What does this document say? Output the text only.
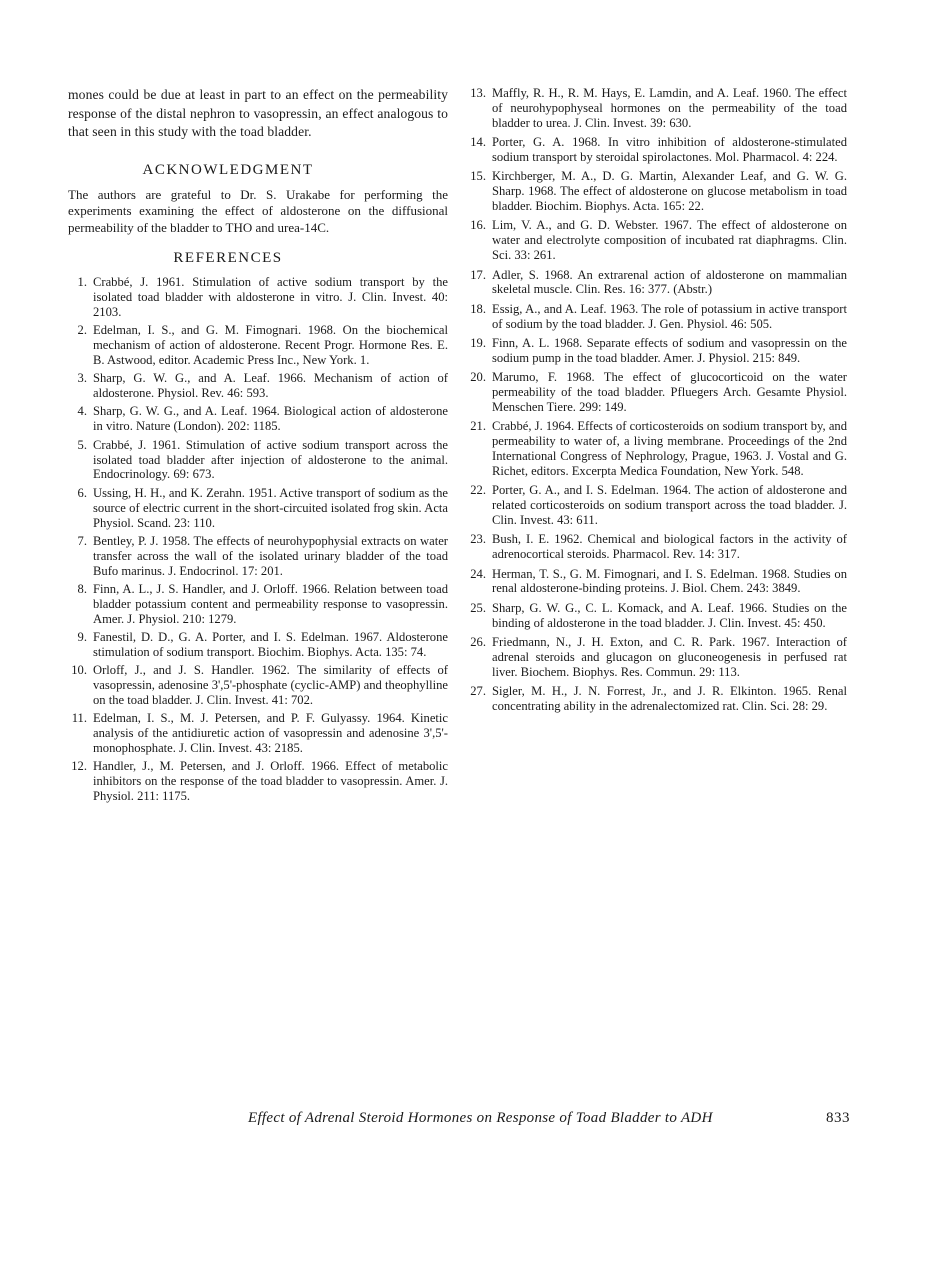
mones could be due at least in part to an effect on the permeability response of the distal nephron to vasopressin, an effect analogous to that seen in this study with the toad bladder.

ACKNOWLEDGMENT

The authors are grateful to Dr. S. Urakabe for performing the experiments examining the effect of aldosterone on the diffusional permeability of the bladder to THO and urea-14C.

REFERENCES
1. Crabbé, J. 1961. Stimulation of active sodium transport by the isolated toad bladder with aldosterone in vitro. J. Clin. Invest. 40: 2103.
2. Edelman, I. S., and G. M. Fimognari. 1968. On the biochemical mechanism of action of aldosterone. Recent Progr. Hormone Res. E. B. Astwood, editor. Academic Press Inc., New York. 1.
3. Sharp, G. W. G., and A. Leaf. 1966. Mechanism of action of aldosterone. Physiol. Rev. 46: 593.
4. Sharp, G. W. G., and A. Leaf. 1964. Biological action of aldosterone in vitro. Nature (London). 202: 1185.
5. Crabbé, J. 1961. Stimulation of active sodium transport across the isolated toad bladder after injection of aldosterone to the animal. Endocrinology. 69: 673.
6. Ussing, H. H., and K. Zerahn. 1951. Active transport of sodium as the source of electric current in the short-circuited isolated frog skin. Acta Physiol. Scand. 23: 110.
7. Bentley, P. J. 1958. The effects of neurohypophysial extracts on water transfer across the wall of the isolated urinary bladder of the toad Bufo marinus. J. Endocrinol. 17: 201.
8. Finn, A. L., J. S. Handler, and J. Orloff. 1966. Relation between toad bladder potassium content and permeability response to vasopressin. Amer. J. Physiol. 210: 1279.
9. Fanestil, D. D., G. A. Porter, and I. S. Edelman. 1967. Aldosterone stimulation of sodium transport. Biochim. Biophys. Acta. 135: 74.
10. Orloff, J., and J. S. Handler. 1962. The similarity of effects of vasopressin, adenosine 3',5'-phosphate (cyclic-AMP) and theophylline on the toad bladder. J. Clin. Invest. 41: 702.
11. Edelman, I. S., M. J. Petersen, and P. F. Gulyassy. 1964. Kinetic analysis of the antidiuretic action of vasopressin and adenosine 3',5'-monophosphate. J. Clin. Invest. 43: 2185.
12. Handler, J., M. Petersen, and J. Orloff. 1966. Effect of metabolic inhibitors on the response of the toad bladder to vasopressin. Amer. J. Physiol. 211: 1175.
13. Maffly, R. H., R. M. Hays, E. Lamdin, and A. Leaf. 1960. The effect of neurohypophyseal hormones on the permeability of the toad bladder to urea. J. Clin. Invest. 39: 630.
14. Porter, G. A. 1968. In vitro inhibition of aldosterone-stimulated sodium transport by steroidal spirolactones. Mol. Pharmacol. 4: 224.
15. Kirchberger, M. A., D. G. Martin, Alexander Leaf, and G. W. G. Sharp. 1968. The effect of aldosterone on glucose metabolism in toad bladder. Biochim. Biophys. Acta. 165: 22.
16. Lim, V. A., and G. D. Webster. 1967. The effect of aldosterone on water and electrolyte composition of incubated rat diaphragms. Clin. Sci. 33: 261.
17. Adler, S. 1968. An extrarenal action of aldosterone on mammalian skeletal muscle. Clin. Res. 16: 377. (Abstr.)
18. Essig, A., and A. Leaf. 1963. The role of potassium in active transport of sodium by the toad bladder. J. Gen. Physiol. 46: 505.
19. Finn, A. L. 1968. Separate effects of sodium and vasopressin on the sodium pump in the toad bladder. Amer. J. Physiol. 215: 849.
20. Marumo, F. 1968. The effect of glucocorticoid on the water permeability of the toad bladder. Pfluegers Arch. Gesamte Physiol. Menschen Tiere. 299: 149.
21. Crabbé, J. 1964. Effects of corticosteroids on sodium transport by, and permeability to water of, a living membrane. Proceedings of the 2nd International Congress of Nephrology, Prague, 1963. J. Vostal and G. Richet, editors. Excerpta Medica Foundation, New York. 548.
22. Porter, G. A., and I. S. Edelman. 1964. The action of aldosterone and related corticosteroids on sodium transport across the toad bladder. J. Clin. Invest. 43: 611.
23. Bush, I. E. 1962. Chemical and biological factors in the activity of adrenocortical steroids. Pharmacol. Rev. 14: 317.
24. Herman, T. S., G. M. Fimognari, and I. S. Edelman. 1968. Studies on renal aldosterone-binding proteins. J. Biol. Chem. 243: 3849.
25. Sharp, G. W. G., C. L. Komack, and A. Leaf. 1966. Studies on the binding of aldosterone in the toad bladder. J. Clin. Invest. 45: 450.
26. Friedmann, N., J. H. Exton, and C. R. Park. 1967. Interaction of adrenal steroids and glucagon on gluconeogenesis in perfused rat liver. Biochem. Biophys. Res. Commun. 29: 113.
27. Sigler, M. H., J. N. Forrest, Jr., and J. R. Elkinton. 1965. Renal concentrating ability in the adrenalectomized rat. Clin. Sci. 28: 29.
Effect of Adrenal Steroid Hormones on Response of Toad Bladder to ADH	833
